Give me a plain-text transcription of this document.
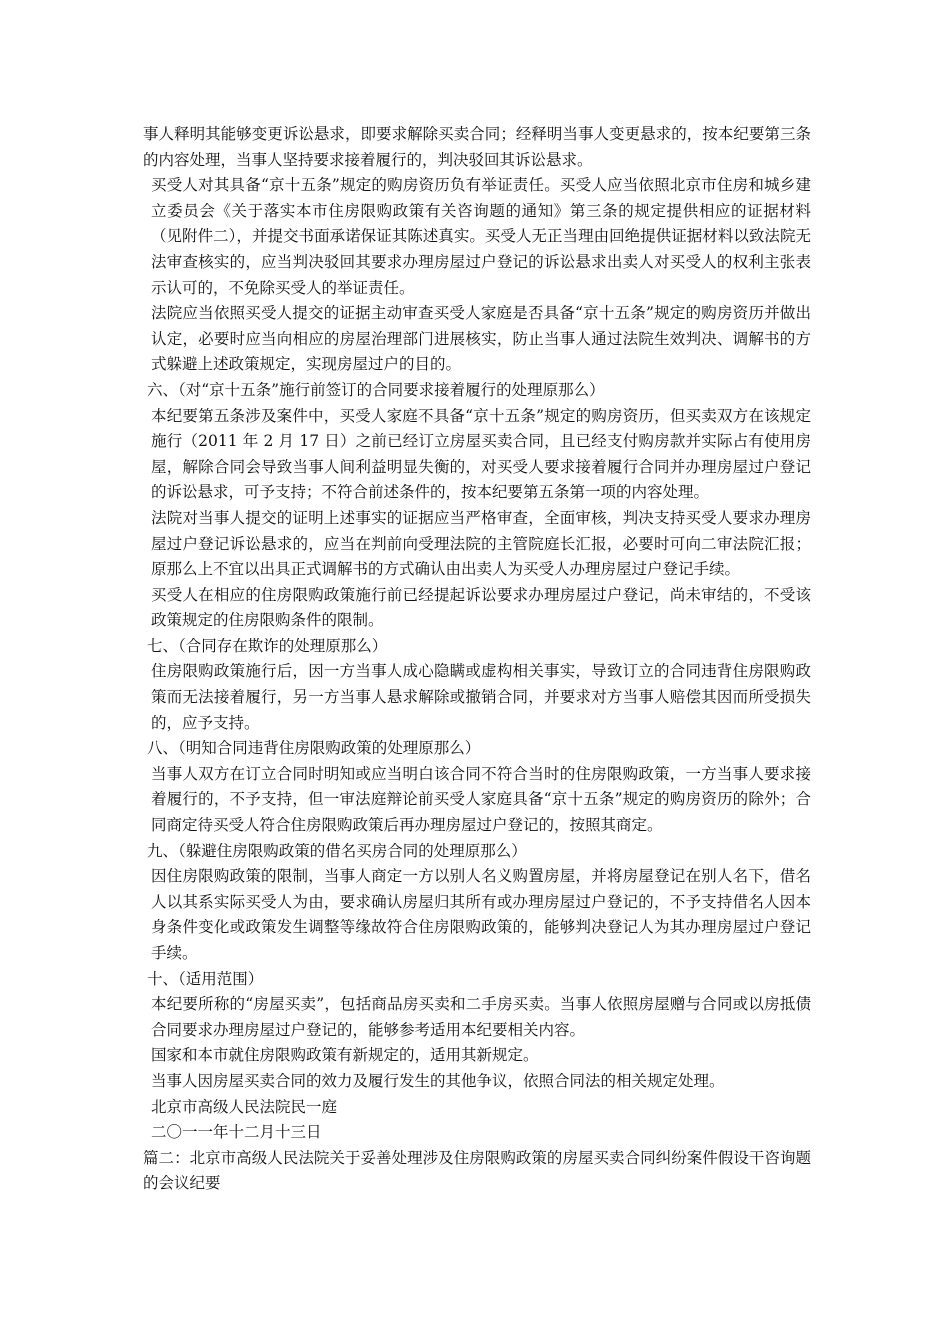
事人释明其能够变更诉讼悬求，即要求解除买卖合同；经释明当事人变更悬求的，按本纪要第三条的内容处理，当事人坚持要求接着履行的，判决驳回其诉讼悬求。

买受人对其具备“京十五条”规定的购房资历负有举证责任。买受人应当依照北京市住房和城乡建立委员会《关于落实本市住房限购政策有关咨询题的通知》第三条的规定提供相应的证据材料（见附件二），并提交书面承诺保证其陈述真实。买受人无正当理由回绝提供证据材料以致法院无法审查核实的，应当判决驳回其要求办理房屋过户登记的诉讼悬求出卖人对买受人的权利主张表示认可的，不免除买受人的举证责任。

法院应当依照买受人提交的证据主动审查买受人家庭是否具备“京十五条”规定的购房资历并做出认定，必要时应当向相应的房屋治理部门进展核实，防止当事人通过法院生效判决、调解书的方式躲避上述政策规定，实现房屋过户的目的。

六、（对“京十五条”施行前签订的合同要求接着履行的处理原那么）

本纪要第五条涉及案件中，买受人家庭不具备“京十五条”规定的购房资历，但买卖双方在该规定施行（2011 年 2 月 17 日）之前已经订立房屋买卖合同，且已经支付购房款并实际占有使用房屋，解除合同会导致当事人间利益明显失衡的，对买受人要求接着履行合同并办理房屋过户登记的诉讼悬求，可予支持；不符合前述条件的，按本纪要第五条第一项的内容处理。

法院对当事人提交的证明上述事实的证据应当严格审查，全面审核，判决支持买受人要求办理房屋过户登记诉讼悬求的，应当在判前向受理法院的主管院庭长汇报，必要时可向二审法院汇报；原那么上不宜以出具正式调解书的方式确认由出卖人为买受人办理房屋过户登记手续。

买受人在相应的住房限购政策施行前已经提起诉讼要求办理房屋过户登记，尚未审结的，不受该政策规定的住房限购条件的限制。

七、（合同存在欺诈的处理原那么）

住房限购政策施行后，因一方当事人成心隐瞒或虚构相关事实，导致订立的合同违背住房限购政策而无法接着履行，另一方当事人悬求解除或撤销合同，并要求对方当事人赔偿其因而所受损失的，应予支持。

八、（明知合同违背住房限购政策的处理原那么）

当事人双方在订立合同时明知或应当明白该合同不符合当时的住房限购政策，一方当事人要求接着履行的，不予支持，但一审法庭辩论前买受人家庭具备“京十五条”规定的购房资历的除外；合同商定待买受人符合住房限购政策后再办理房屋过户登记的，按照其商定。

九、（躲避住房限购政策的借名买房合同的处理原那么）

因住房限购政策的限制，当事人商定一方以别人名义购置房屋，并将房屋登记在别人名下，借名人以其系实际买受人为由，要求确认房屋归其所有或办理房屋过户登记的，不予支持借名人因本身条件变化或政策发生调整等缘故符合住房限购政策的，能够判决登记人为其办理房屋过户登记手续。

十、（适用范围）

本纪要所称的“房屋买卖”，包括商品房买卖和二手房买卖。当事人依照房屋赠与合同或以房抵债合同要求办理房屋过户登记的，能够参考适用本纪要相关内容。

国家和本市就住房限购政策有新规定的，适用其新规定。

当事人因房屋买卖合同的效力及履行发生的其他争议，依照合同法的相关规定处理。

北京市高级人民法院民一庭

二〇一一年十二月十三日

篇二：北京市高级人民法院关于妥善处理涉及住房限购政策的房屋买卖合同纠纷案件假设干咨询题的会议纪要
